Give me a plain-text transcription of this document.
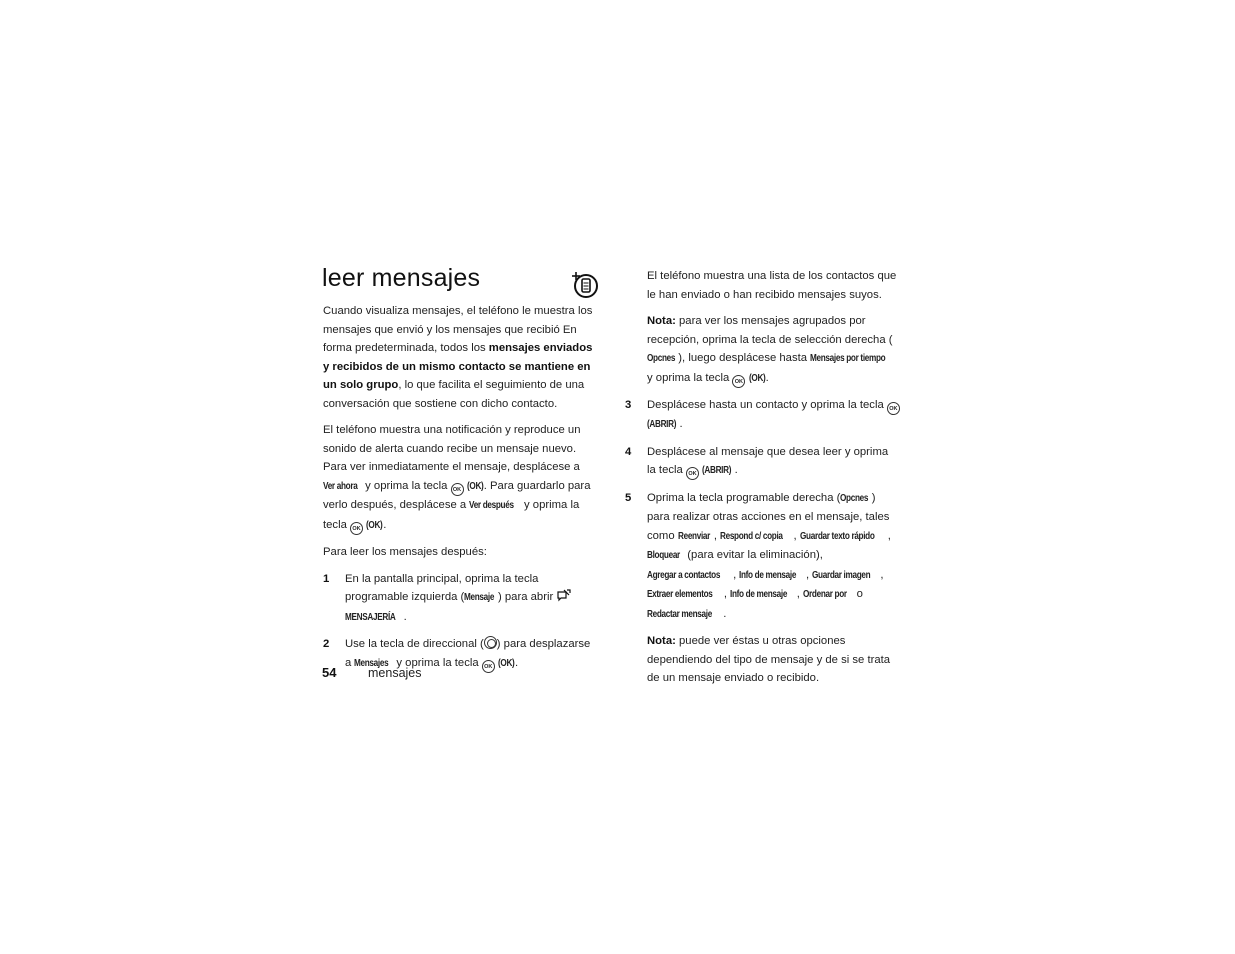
leer mensajes

Cuando visualiza mensajes, el teléfono le muestra los mensajes que envió y los mensajes que recibió En forma predeterminada, todos los mensajes enviados y recibidos de un mismo contacto se mantiene en un solo grupo, lo que facilita el seguimiento de una conversación que sostiene con dicho contacto.

El teléfono muestra una notificación y reproduce un sonido de alerta cuando recibe un mensaje nuevo. Para ver inmediatamente el mensaje, desplácese a Ver ahora y oprima la tecla OK (OK). Para guardarlo para verlo después, desplácese a Ver después y oprima la tecla OK (OK).

Para leer los mensajes después:

1 En la pantalla principal, oprima la tecla programable izquierda (Mensaje ) para abrir  MENSAJERÍA .
2 Use la tecla de direccional ( ) para desplazarse a Mensajes y oprima la tecla OK (OK).

El teléfono muestra una lista de los contactos que le han enviado o han recibido mensajes suyos.

Nota: para ver los mensajes agrupados por recepción, oprima la tecla de selección derecha (Opcnes ), luego desplácese hasta Mensajes por tiempo y oprima la tecla OK (OK).

3 Desplácese hasta un contacto y oprima la tecla OK (ABRIR) .
4 Desplácese al mensaje que desea leer y oprima la tecla OK (ABRIR) .
5 Oprima la tecla programable derecha (Opcnes ) para realizar otras acciones en el mensaje, tales como Reenviar , Respond c/ copia , Guardar texto rápido , Bloquear (para evitar la eliminación), Agregar a contactos , Info de mensaje , Guardar imagen , Extraer elementos , Info de mensaje , Ordenar por o Redactar mensaje .

Nota: puede ver éstas u otras opciones dependiendo del tipo de mensaje y de si se trata de un mensaje enviado o recibido.

54	mensajes
